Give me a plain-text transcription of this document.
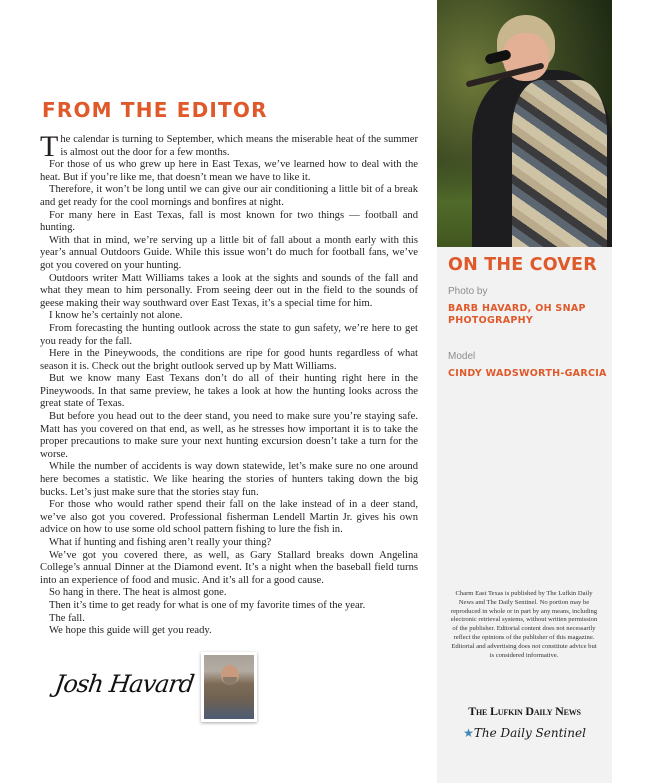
FROM THE EDITOR

The calendar is turning to September, which means the miserable heat of the summer is almost out the door for a few months.

For those of us who grew up here in East Texas, we’ve learned how to deal with the heat. But if you’re like me, that doesn’t mean we have to like it.

Therefore, it won’t be long until we can give our air conditioning a little bit of a break and get ready for the cool mornings and bonfires at night.

For many here in East Texas, fall is most known for two things — football and hunting.

With that in mind, we’re serving up a little bit of fall about a month early with this year’s annual Outdoors Guide. While this issue won’t do much for football fans, we’ve got you covered on your hunting.

Outdoors writer Matt Williams takes a look at the sights and sounds of the fall and what they mean to him personally. From seeing deer out in the field to the sounds of geese making their way southward over East Texas, it’s a special time for him.

I know he’s certainly not alone.

From forecasting the hunting outlook across the state to gun safety, we’re here to get you ready for the fall.

Here in the Pineywoods, the conditions are ripe for good hunts regardless of what season it is. Check out the bright outlook served up by Matt Williams.

But we know many East Texans don’t do all of their hunting right here in the Pineywoods. In that same preview, he takes a look at how the hunting looks across the great state of Texas.

But before you head out to the deer stand, you need to make sure you’re staying safe. Matt has you covered on that end, as well, as he stresses how important it is to take the proper precautions to make sure your next hunting excursion doesn’t take a turn for the worse.

While the number of accidents is way down statewide, let’s make sure no one around here becomes a statistic. We like hearing the stories of hunters taking down the big bucks. Let’s just make sure that the stories stay fun.

For those who would rather spend their fall on the lake instead of in a deer stand, we’ve also got you covered. Professional fisherman Lendell Martin Jr. gives his own advice on how to use some old school pattern fishing to lure the fish in.

What if hunting and fishing aren’t really your thing?

We’ve got you covered there, as well, as Gary Stallard breaks down Angelina College’s annual Dinner at the Diamond event. It’s a night when the baseball field turns into an experience of food and music. And it’s all for a good cause.

So hang in there. The heat is almost gone.

Then it’s time to get ready for what is one of my favorite times of the year.

The fall.

We hope this guide will get you ready.

Josh Havard
ON THE COVER
Photo by
BARB HAVARD, OH SNAP PHOTOGRAPHY
Model
CINDY WADSWORTH-GARCIA
Charm East Texas is published by The Lufkin Daily News and The Daily Sentinel. No portion may be reproduced in whole or in part by any means, including electronic retrieval systems, without written permission of the publisher. Editorial content does not necessarily reflect the opinions of the publisher of this magazine. Editorial and advertising does not constitute advice but is considered informative.
The Lufkin Daily News
★The Daily Sentinel
